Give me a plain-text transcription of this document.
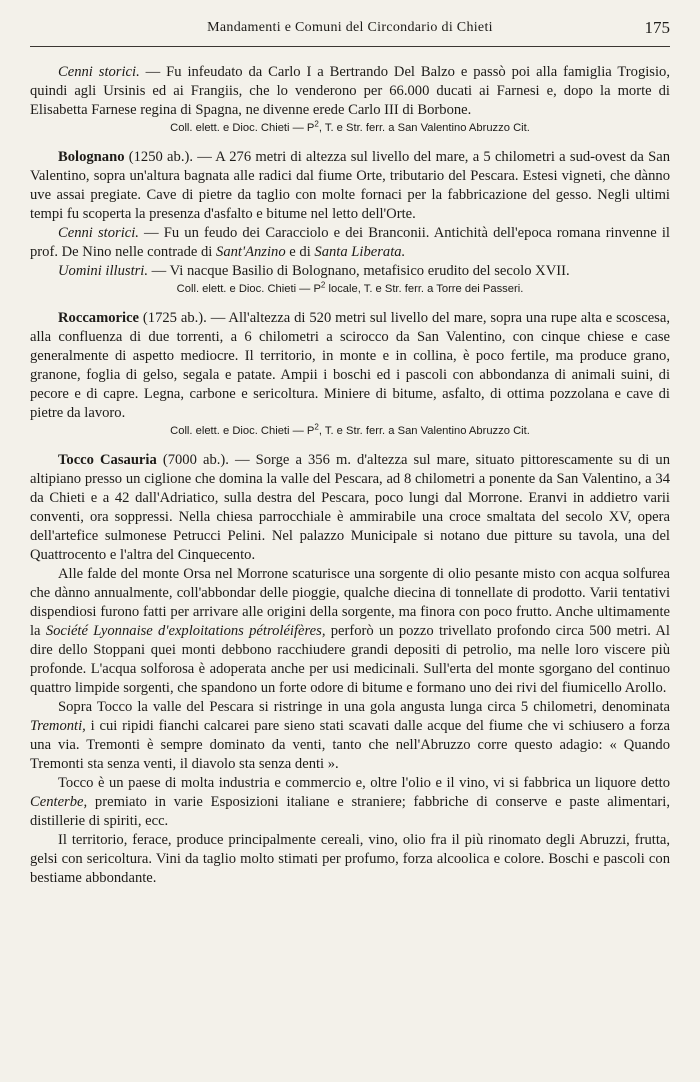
Mandamenti e Comuni del Circondario di Chieti	175

Cenni storici. — Fu infeudato da Carlo I a Bertrando Del Balzo e passò poi alla famiglia Trogisio, quindi agli Ursinis ed ai Frangiis, che lo venderono per 66.000 ducati ai Farnesi e, dopo la morte di Elisabetta Farnese regina di Spagna, ne divenne erede Carlo III di Borbone.

Coll. elett. e Dioc. Chieti — $P^2$, T. e Str. ferr. a San Valentino Abruzzo Cit.

Bolognano (1250 ab.). — A 276 metri di altezza sul livello del mare, a 5 chilometri a sud-ovest da San Valentino, sopra un'altura bagnata alle radici dal fiume Orte, tributario del Pescara. Estesi vigneti, che dànno uve assai pregiate. Cave di pietre da taglio con molte fornaci per la fabbricazione del gesso. Negli ultimi tempi fu scoperta la presenza d'asfalto e bitume nel letto dell'Orte.

Cenni storici. — Fu un feudo dei Caracciolo e dei Branconii. Antichità dell'epoca romana rinvenne il prof. De Nino nelle contrade di Sant'Anzino e di Santa Liberata.

Uomini illustri. — Vi nacque Basilio di Bolognano, metafisico erudito del secolo XVII.

Coll. elett. e Dioc. Chieti — $P^2$ locale, T. e Str. ferr. a Torre dei Passeri.

Roccamorice (1725 ab.). — All'altezza di 520 metri sul livello del mare, sopra una rupe alta e scoscesa, alla confluenza di due torrenti, a 6 chilometri a scirocco da San Valentino, con cinque chiese e case generalmente di aspetto mediocre. Il territorio, in monte e in collina, è poco fertile, ma produce grano, granone, foglia di gelso, segala e patate. Ampii i boschi ed i pascoli con abbondanza di animali suini, di pecore e di capre. Legna, carbone e sericoltura. Miniere di bitume, asfalto, di ottima pozzolana e cave di pietre da lavoro.

Coll. elett. e Dioc. Chieti — $P^2$, T. e Str. ferr. a San Valentino Abruzzo Cit.

Tocco Casauria (7000 ab.). — Sorge a 356 m. d'altezza sul mare, situato pittorescamente su di un altipiano presso un ciglione che domina la valle del Pescara, ad 8 chilometri a ponente da San Valentino, a 34 da Chieti e a 42 dall'Adriatico, sulla destra del Pescara, poco lungi dal Morrone. Eranvi in addietro varii conventi, ora soppressi. Nella chiesa parrocchiale è ammirabile una croce smaltata del secolo XV, opera dell'artefice sulmonese Petrucci Pelini. Nel palazzo Municipale si notano due pitture su tavola, una del Quattrocento e l'altra del Cinquecento.

Alle falde del monte Orsa nel Morrone scaturisce una sorgente di olio pesante misto con acqua solfurea che dànno annualmente, coll'abbondar delle pioggie, qualche diecina di tonnellate di prodotto. Varii tentativi dispendiosi furono fatti per arrivare alle origini della sorgente, ma finora con poco frutto. Anche ultimamente la Société Lyonnaise d'exploitations pétroléifères, perforò un pozzo trivellato profondo circa 500 metri. Al dire dello Stoppani quei monti debbono racchiudere grandi depositi di petrolio, ma nelle loro viscere più profonde. L'acqua solforosa è adoperata anche per usi medicinali. Sull'erta del monte sgorgano del continuo quattro limpide sorgenti, che spandono un forte odore di bitume e formano uno dei rivi del fiumicello Arollo.

Sopra Tocco la valle del Pescara si ristringe in una gola angusta lunga circa 5 chilometri, denominata Tremonti, i cui ripidi fianchi calcarei pare sieno stati scavati dalle acque del fiume che vi schiusero a forza una via. Tremonti è sempre dominato da venti, tanto che nell'Abruzzo corre questo adagio: « Quando Tremonti sta senza venti, il diavolo sta senza denti ».

Tocco è un paese di molta industria e commercio e, oltre l'olio e il vino, vi si fabbrica un liquore detto Centerbe, premiato in varie Esposizioni italiane e straniere; fabbriche di conserve e paste alimentari, distillerie di spiriti, ecc.

Il territorio, ferace, produce principalmente cereali, vino, olio fra il più rinomato degli Abruzzi, frutta, gelsi con sericoltura. Vini da taglio molto stimati per profumo, forza alcoolica e colore. Boschi e pascoli con bestiame abbondante.
